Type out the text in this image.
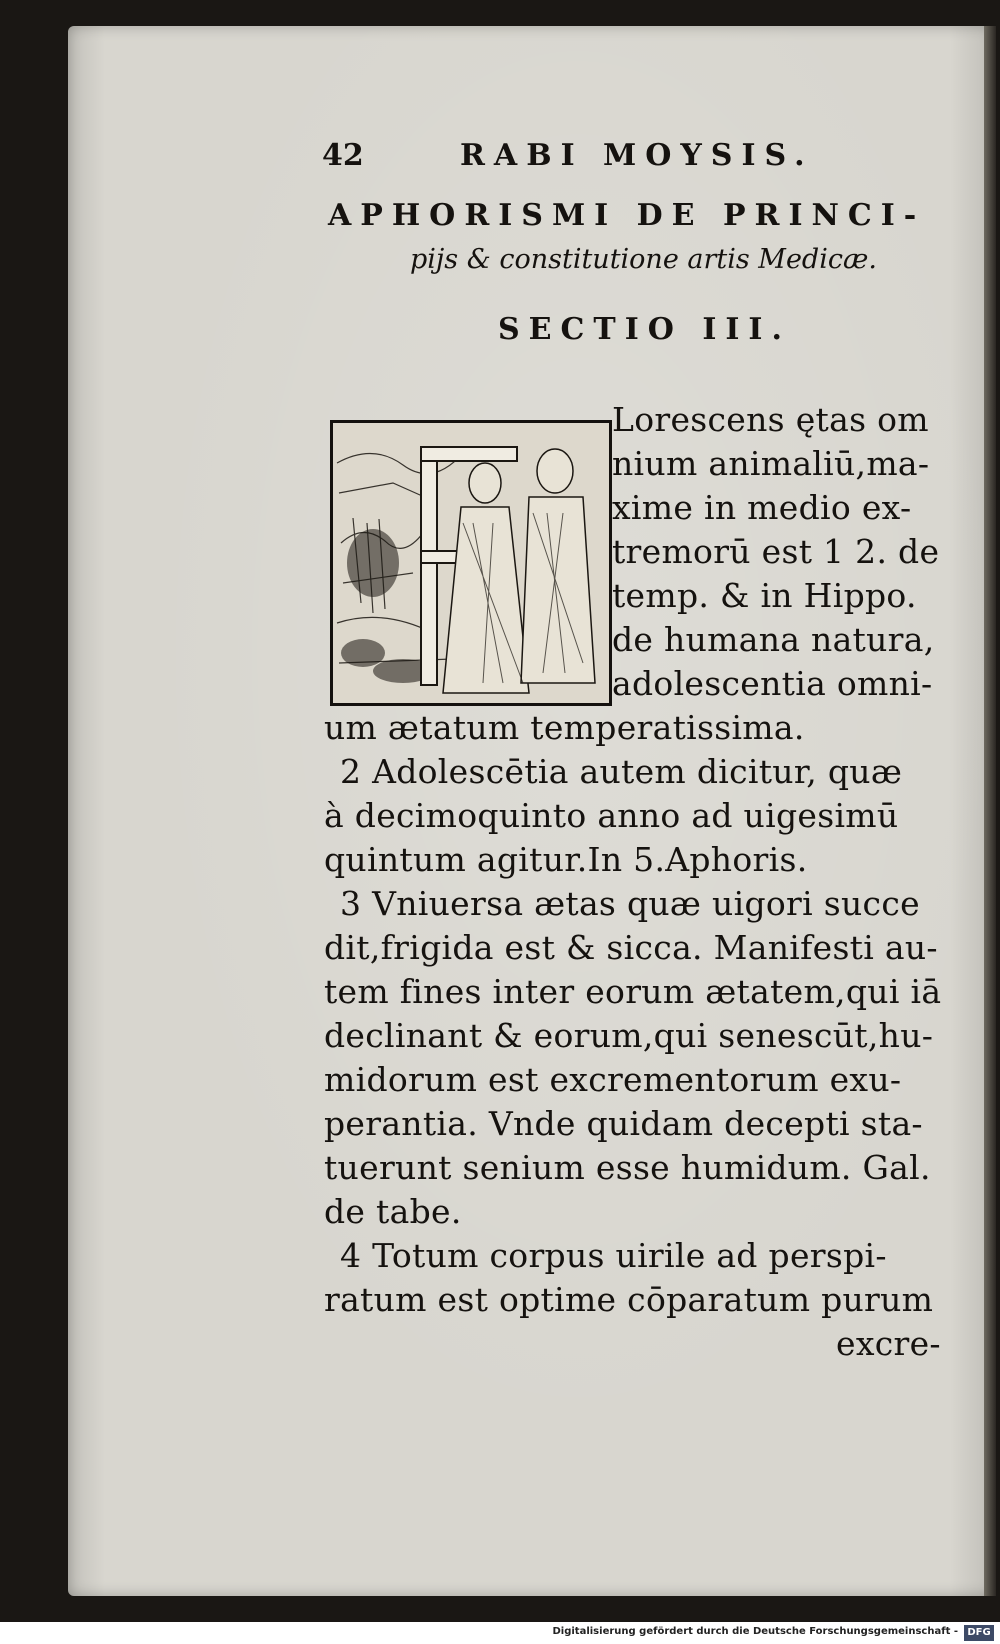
42	RABI MOYSIS.
APHORISMI DE PRINCI-
pijs & constitutione artis Medicæ.
SECTIO III.
Lorescens ętas om
nium animaliū,ma-
xime in medio ex-
tremorū est 1 2. de
temp. & in Hippo.
de humana natura,
adolescentia omni-
um ætatum temperatissima.
2 Adolescētia autem dicitur, quæ
à decimoquinto anno ad uigesimū
quintum agitur.In 5.Aphoris.
3 Vniuersa ætas quæ uigori succe
dit,frigida est & sicca. Manifesti au-
tem fines inter eorum ætatem,qui iā
declinant & eorum,qui senescūt,hu-
midorum est excrementorum exu-
perantia. Vnde quidam decepti sta-
tuerunt senium esse humidum. Gal.
de tabe.
4 Totum corpus uirile ad perspi-
ratum est optime cōparatum purum
excre-
Digitalisierung gefördert durch die Deutsche Forschungsgemeinschaft - DFG
